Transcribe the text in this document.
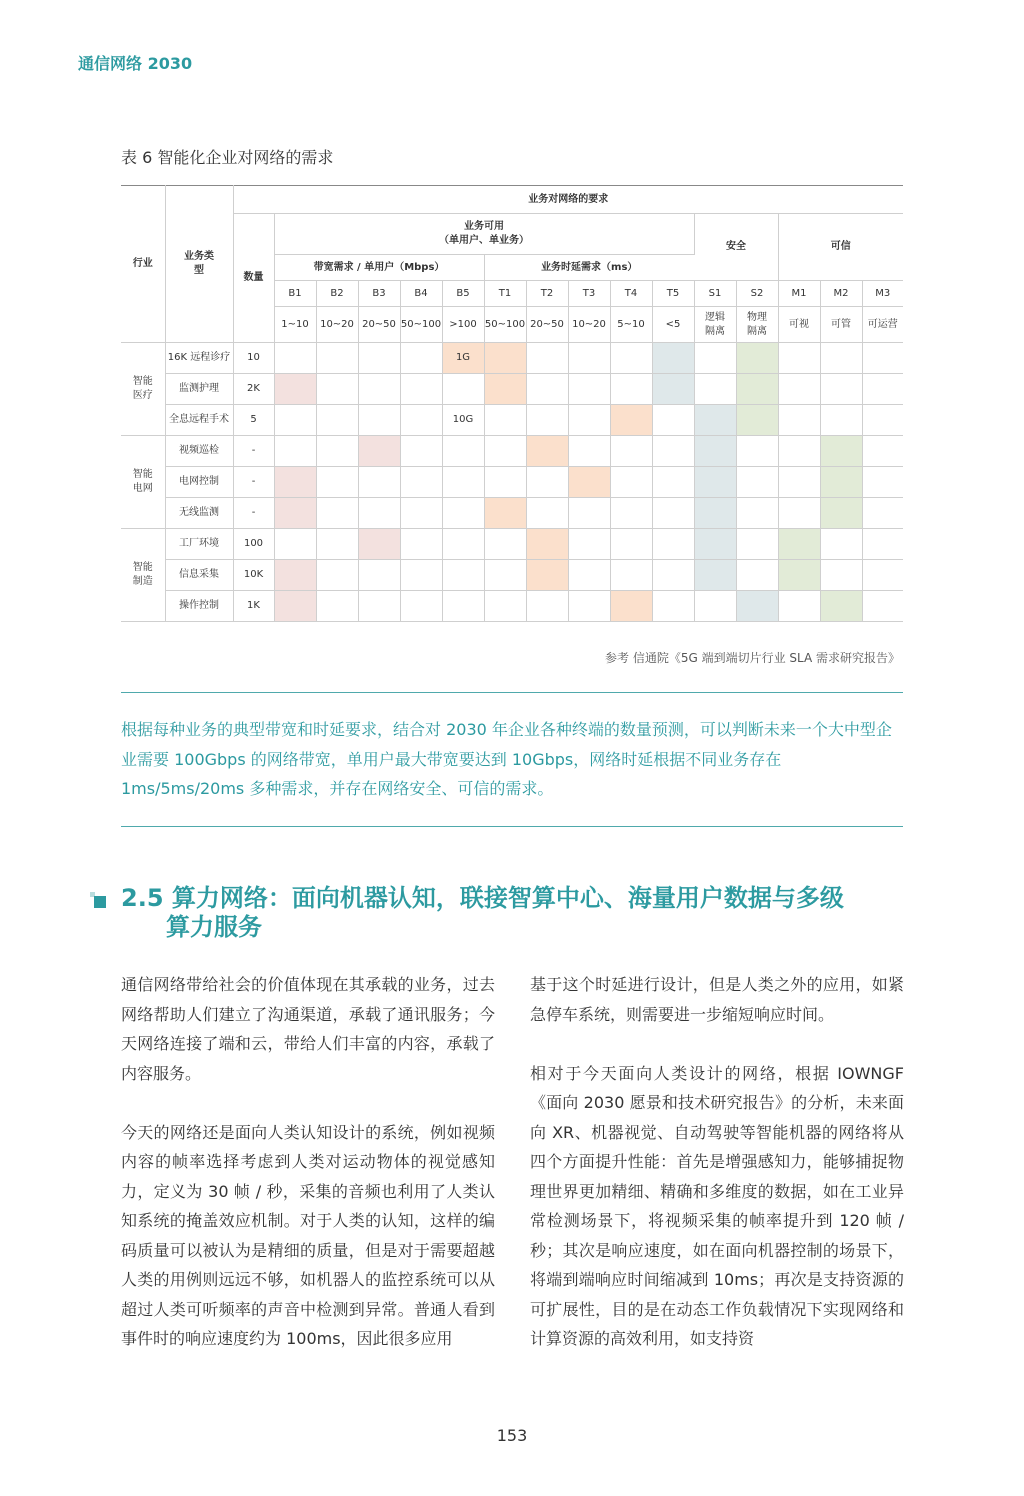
通信网络 2030
表 6 智能化企业对网络的需求
行业	业务类型	业务对网络的要求															
		数量	业务可用
（单用户、单业务）										安全		可信		
			带宽需求 / 单用户（Mbps）					业务时延需求（ms）									
			B1	B2	B3	B4	B5	T1	T2	T3	T4	T5	S1	S2	M1	M2	M3
			1~10	10~20	20~50	50~100	>100	50~100	20~50	10~20	5~10	<5	逻辑隔离	物理隔离	可视	可管	可运营
智能医疗	16K 远程诊疗	10					1G										
	监测护理	2K															
	全息远程手术	5					10G										
智能电网	视频巡检	-															
	电网控制	-															
	无线监测	-															
智能制造	工厂环境	100															
	信息采集	10K															
	操作控制	1K															
参考 信通院《5G 端到端切片行业 SLA 需求研究报告》
根据每种业务的典型带宽和时延要求，结合对 2030 年企业各种终端的数量预测，可以判断未来一个大中型企业需要 100Gbps 的网络带宽，单用户最大带宽要达到 10Gbps，网络时延根据不同业务存在 1ms/5ms/20ms 多种需求，并存在网络安全、可信的需求。
2.5 算力网络：面向机器认知，联接智算中心、海量用户数据与多级
算力服务

通信网络带给社会的价值体现在其承载的业务，过去网络帮助人们建立了沟通渠道，承载了通讯服务；今天网络连接了端和云，带给人们丰富的内容，承载了内容服务。

今天的网络还是面向人类认知设计的系统，例如视频内容的帧率选择考虑到人类对运动物体的视觉感知力，定义为 30 帧 / 秒，采集的音频也利用了人类认知系统的掩盖效应机制。对于人类的认知，这样的编码质量可以被认为是精细的质量，但是对于需要超越人类的用例则远远不够，如机器人的监控系统可以从超过人类可听频率的声音中检测到异常。普通人看到事件时的响应速度约为 100ms，因此很多应用

基于这个时延进行设计，但是人类之外的应用，如紧急停车系统，则需要进一步缩短响应时间。

相对于今天面向人类设计的网络，根据 IOWNGF《面向 2030 愿景和技术研究报告》的分析，未来面向 XR、机器视觉、自动驾驶等智能机器的网络将从四个方面提升性能：首先是增强感知力，能够捕捉物理世界更加精细、精确和多维度的数据，如在工业异常检测场景下，将视频采集的帧率提升到 120 帧 / 秒；其次是响应速度，如在面向机器控制的场景下，将端到端响应时间缩减到 10ms；再次是支持资源的可扩展性，目的是在动态工作负载情况下实现网络和计算资源的高效利用，如支持资

153
